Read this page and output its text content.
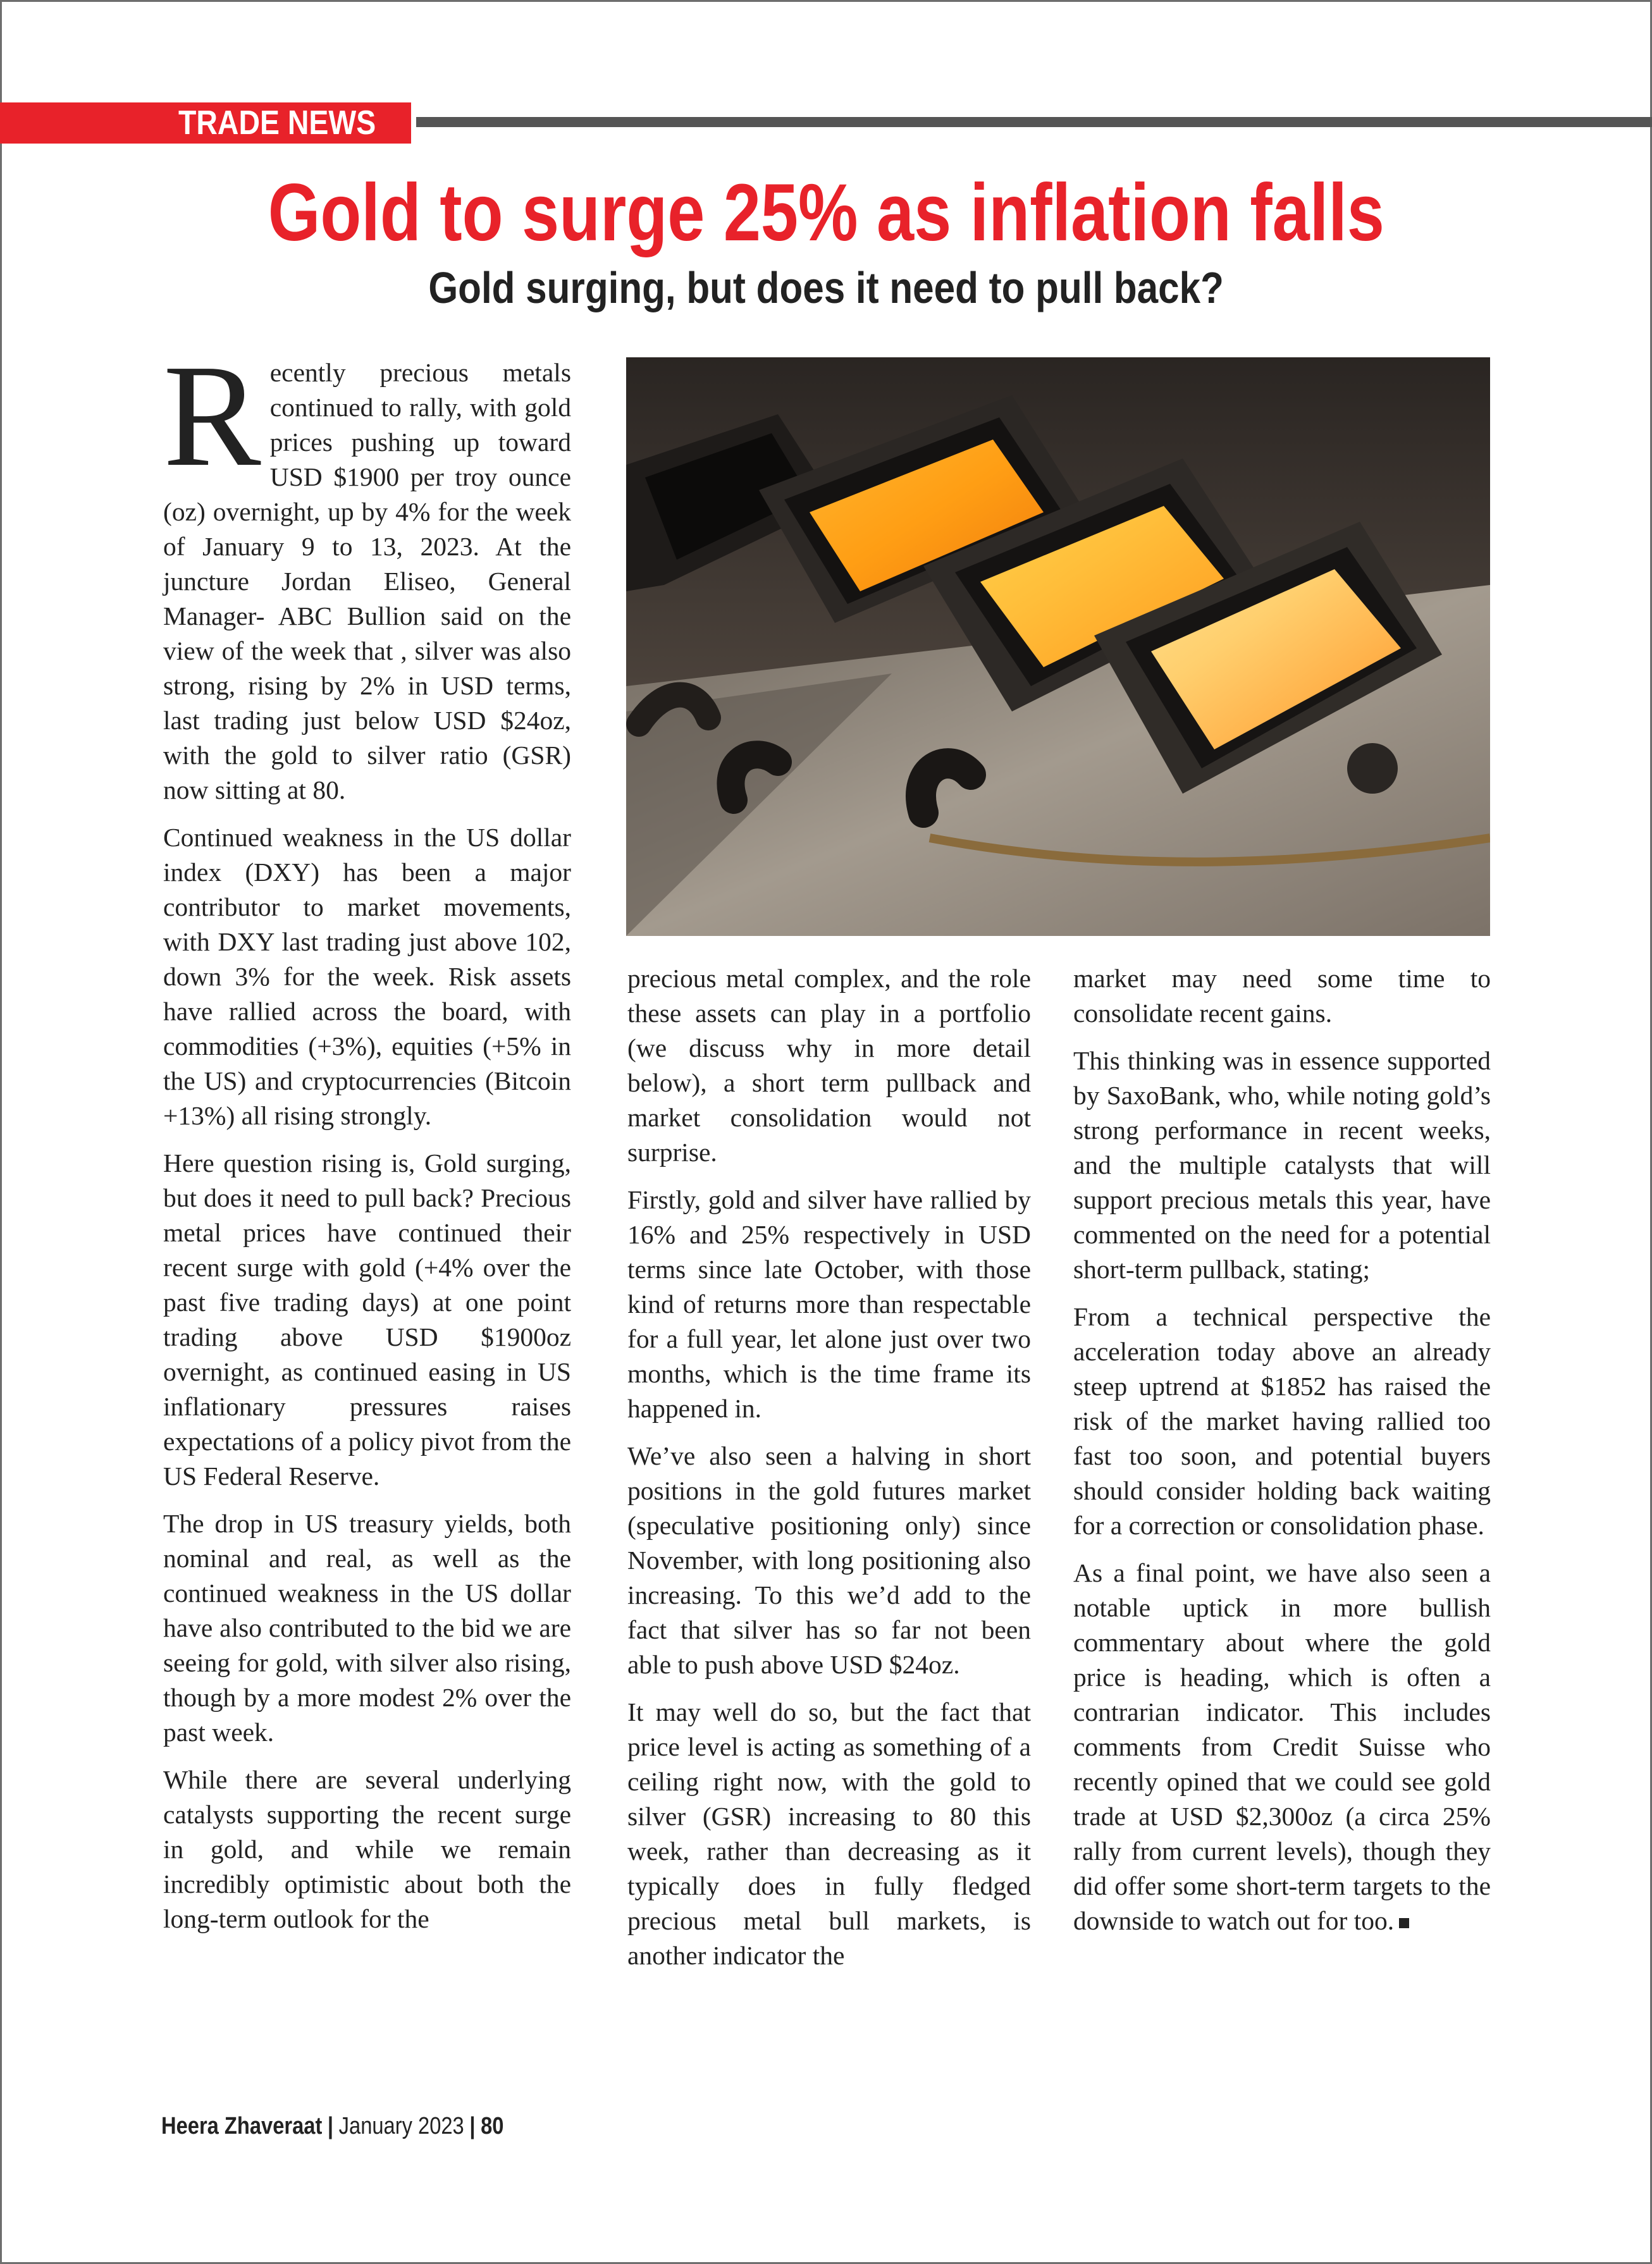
TRADE NEWS
Gold to surge 25% as inflation falls
Gold surging, but does it need to pull back?

Recently precious metals continued to rally, with gold prices pushing up toward USD $1900 per troy ounce (oz) overnight, up by 4% for the week of January 9 to 13, 2023. At the juncture Jordan Eliseo, General Manager- ABC Bullion said on the view of the week that , silver was also strong, rising by 2% in USD terms, last trading just below USD $24oz, with the gold to silver ratio (GSR) now sitting at 80.

Continued weakness in the US dollar index (DXY) has been a major contributor to market movements, with DXY last trading just above 102, down 3% for the week. Risk assets have rallied across the board, with commodities (+3%), equities (+5% in the US) and cryptocurrencies (Bitcoin +13%) all rising strongly.

Here question rising is, Gold surging, but does it need to pull back? Precious metal prices have continued their recent surge with gold (+4% over the past five trading days) at one point trading above USD $1900oz overnight, as continued easing in US inflationary pressures raises expectations of a policy pivot from the US Federal Reserve.

The drop in US treasury yields, both nominal and real, as well as the continued weakness in the US dollar have also contributed to the bid we are seeing for gold, with silver also rising, though by a more modest 2% over the past week.

While there are several underlying catalysts supporting the recent surge in gold, and while we remain incredibly optimistic about both the long-term outlook for the

precious metal complex, and the role these assets can play in a portfolio (we discuss why in more detail below), a short term pullback and market consolidation would not surprise.

Firstly, gold and silver have rallied by 16% and 25% respectively in USD terms since late October, with those kind of returns more than respectable for a full year, let alone just over two months, which is the time frame its happened in.

We’ve also seen a halving in short positions in the gold futures market (speculative positioning only) since November, with long positioning also increasing. To this we’d add to the fact that silver has so far not been able to push above USD $24oz.

It may well do so, but the fact that price level is acting as something of a ceiling right now, with the gold to silver (GSR) increasing to 80 this week, rather than decreasing as it typically does in fully fledged precious metal bull markets, is another indicator the

market may need some time to consolidate recent gains.

This thinking was in essence supported by SaxoBank, who, while noting gold’s strong performance in recent weeks, and the multiple catalysts that will support precious metals this year, have commented on the need for a potential short-term pullback, stating;

From a technical perspective the acceleration today above an already steep uptrend at $1852 has raised the risk of the market having rallied too fast too soon, and potential buyers should consider holding back waiting for a correction or consolidation phase.

As a final point, we have also seen a notable uptick in more bullish commentary about where the gold price is heading, which is often a contrarian indicator. This includes comments from Credit Suisse who recently opined that we could see gold trade at USD $2,300oz (a circa 25% rally from current levels), though they did offer some short-term targets to the downside to watch out for too.

Heera Zhaveraat | January 2023 | 80
